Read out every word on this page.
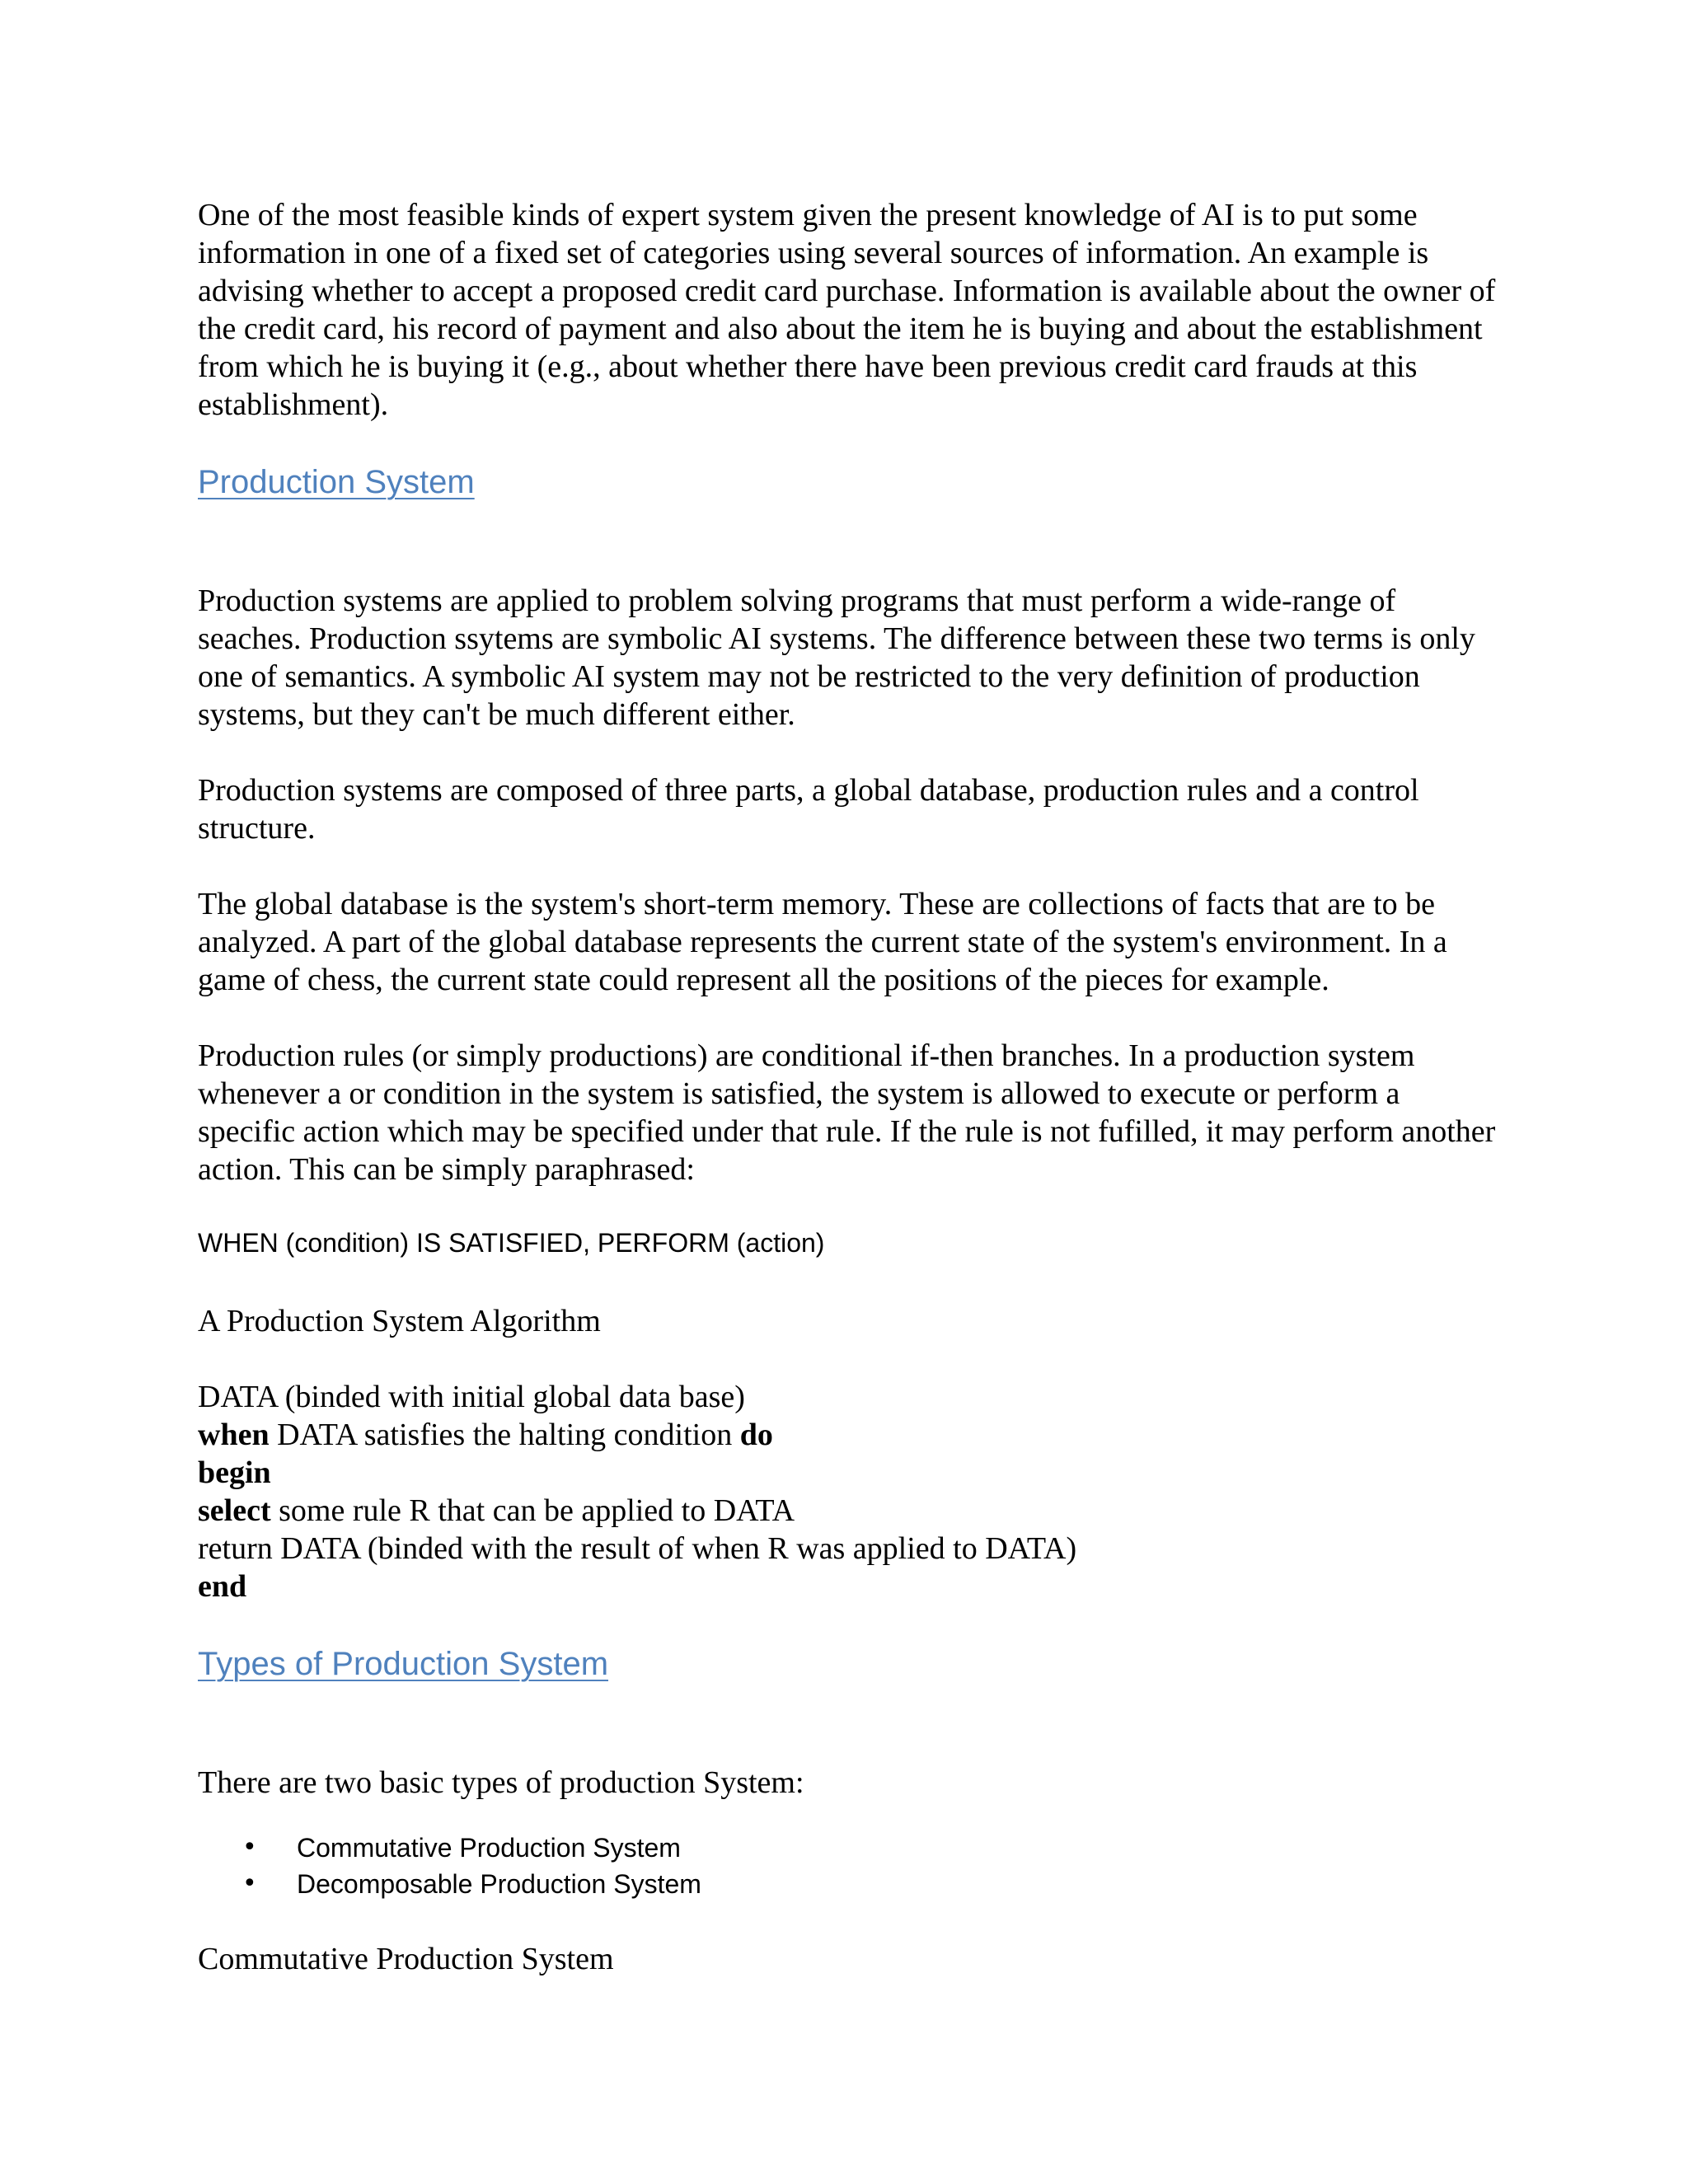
One of the most feasible kinds of expert system given the present knowledge of AI is to put some information in one of a fixed set of categories using several sources of information. An example is advising whether to accept a proposed credit card purchase. Information is available about the owner of the credit card, his record of payment and also about the item he is buying and about the establishment from which he is buying it (e.g., about whether there have been previous credit card frauds at this establishment).

Production System

Production systems are applied to problem solving programs that must perform a wide-range of seaches. Production ssytems are symbolic AI systems. The difference between these two terms is only one of semantics. A symbolic AI system may not be restricted to the very definition of production systems, but they can't be much different either.

Production systems are composed of three parts, a global database, production rules and a control structure.

The global database is the system's short-term memory. These are collections of facts that are to be analyzed. A part of the global database represents the current state of the system's environment. In a game of chess, the current state could represent all the positions of the pieces for example.

Production rules (or simply productions) are conditional if-then branches. In a production system whenever a or condition in the system is satisfied, the system is allowed to execute or perform a specific action which may be specified under that rule. If the rule is not fufilled, it may perform another action. This can be simply paraphrased:

WHEN (condition) IS SATISFIED, PERFORM (action)

A Production System Algorithm

DATA (binded with initial global data base)
when DATA satisfies the halting condition do
begin
select some rule R that can be applied to DATA
return DATA (binded with the result of when R was applied to DATA)
end
Types of Production System

There are two basic types of production System:

• Commutative Production System
• Decomposable Production System

Commutative Production System
